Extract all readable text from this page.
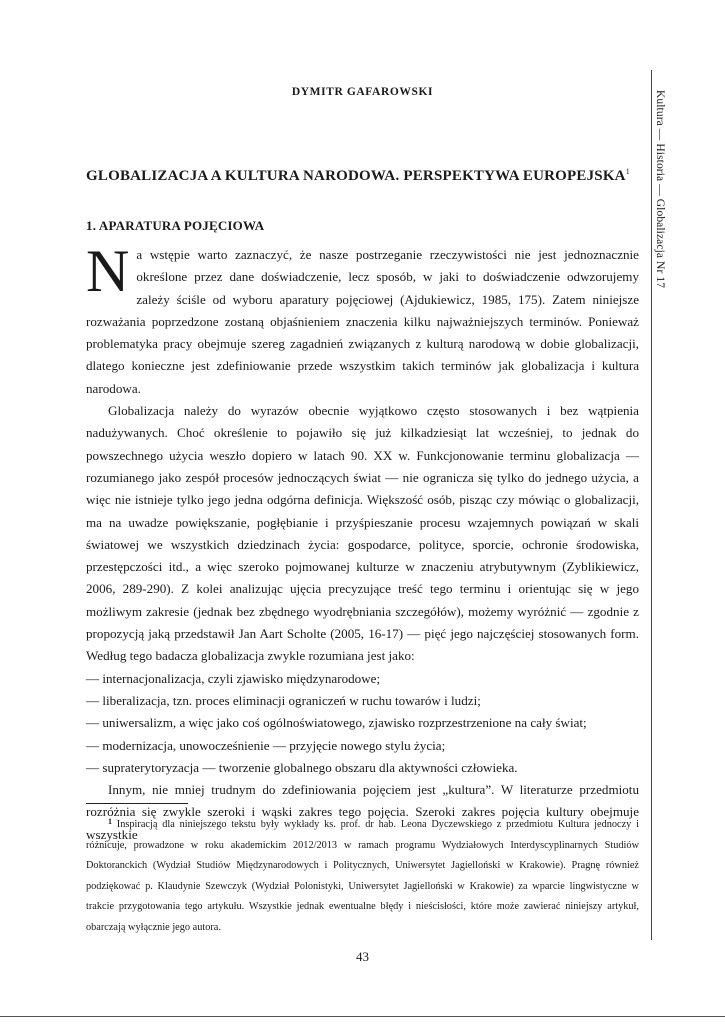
DYMITR GAFAROWSKI	Kultura — Historia — Globalizacja Nr 17
GLOBALIZACJA A KULTURA NARODOWA. PERSPEKTYWA EUROPEJSKA$^1$
1. APARATURA POJĘCIOWA

Na wstępie warto zaznaczyć, że nasze postrzeganie rzeczywistości nie jest jednoznacznie określone przez dane doświadczenie, lecz sposób, w jaki to doświadczenie odwzorujemy zależy ściśle od wyboru aparatury pojęciowej (Ajdukiewicz, 1985, 175). Zatem niniejsze rozważania poprzedzone zostaną objaśnieniem znaczenia kilku najważniejszych terminów. Ponieważ problematyka pracy obejmuje szereg zagadnień związanych z kulturą narodową w dobie globalizacji, dlatego konieczne jest zdefiniowanie przede wszystkim takich terminów jak globalizacja i kultura narodowa.

Globalizacja należy do wyrazów obecnie wyjątkowo często stosowanych i bez wątpienia nadużywanych. Choć określenie to pojawiło się już kilkadziesiąt lat wcześniej, to jednak do powszechnego użycia weszło dopiero w latach 90. XX w. Funkcjonowanie terminu globalizacja — rozumianego jako zespół procesów jednoczących świat — nie ogranicza się tylko do jednego użycia, a więc nie istnieje tylko jego jedna odgórna definicja. Większość osób, pisząc czy mówiąc o globalizacji, ma na uwadze powiększanie, pogłębianie i przyśpieszanie procesu wzajemnych powiązań w skali światowej we wszystkich dziedzinach życia: gospodarce, polityce, sporcie, ochronie środowiska, przestępczości itd., a więc szeroko pojmowanej kulturze w znaczeniu atrybutywnym (Zyblikiewicz, 2006, 289-290). Z kolei analizując ujęcia precyzujące treść tego terminu i orientując się w jego możliwym zakresie (jednak bez zbędnego wyodrębniania szczegółów), możemy wyróżnić — zgodnie z propozycją jaką przedstawił Jan Aart Scholte (2005, 16-17) — pięć jego najczęściej stosowanych form. Według tego badacza globalizacja zwykle rozumiana jest jako:

— internacjonalizacja, czyli zjawisko międzynarodowe;

— liberalizacja, tzn. proces eliminacji ograniczeń w ruchu towarów i ludzi;

— uniwersalizm, a więc jako coś ogólnoświatowego, zjawisko rozprzestrzenione na cały świat;

— modernizacja, unowocześnienie — przyjęcie nowego stylu życia;

— supraterytoryzacja — tworzenie globalnego obszaru dla aktywności człowieka.

Innym, nie mniej trudnym do zdefiniowania pojęciem jest „kultura”. W literaturze przedmiotu rozróżnia się zwykle szeroki i wąski zakres tego pojęcia. Szeroki zakres pojęcia kultury obejmuje wszystkie

$^1$ Inspiracją dla niniejszego tekstu były wykłady ks. prof. dr hab. Leona Dyczewskiego z przedmiotu Kultura jednoczy i różnicuje, prowadzone w roku akademickim 2012/2013 w ramach programu Wydziałowych Interdyscyplinarnych Studiów Doktoranckich (Wydział Studiów Międzynarodowych i Politycznych, Uniwersytet Jagielloński w Krakowie). Pragnę również podziękować p. Klaudynie Szewczyk (Wydział Polonistyki, Uniwersytet Jagielloński w Krakowie) za wparcie lingwistyczne w trakcie przygotowania tego artykułu. Wszystkie jednak ewentualne błędy i nieścisłości, które może zawierać niniejszy artykuł, obarczają wyłącznie jego autora.

43
